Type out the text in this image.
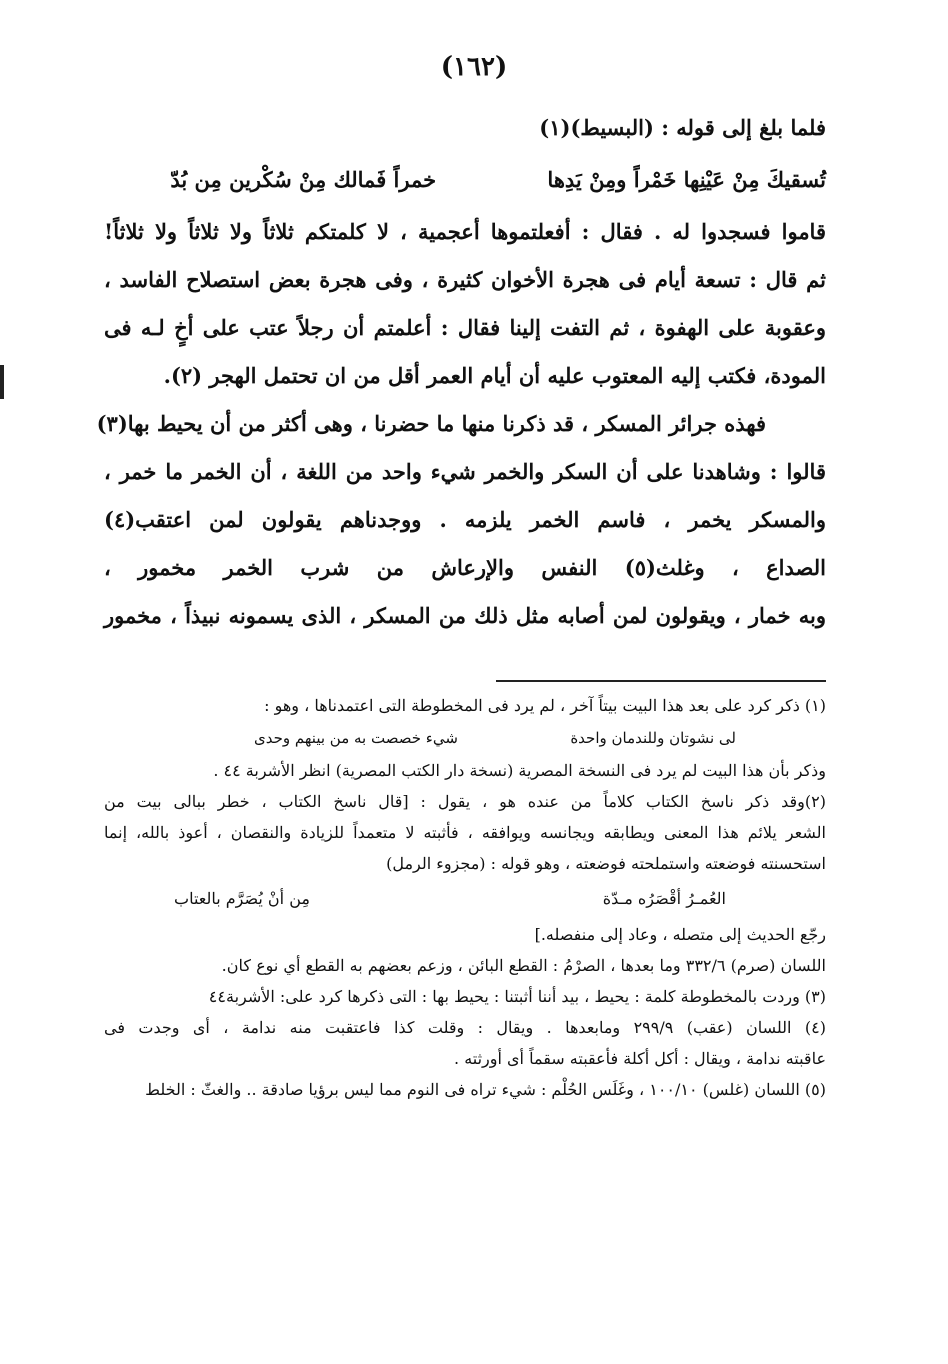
(١٦٢)
فلما بلغ إلى قوله : (البسيط)(١)
تُسقيكَ مِنْ عَيْنِها خَمْراً ومِنْ يَدِها
خمراً فَمالك مِنْ سُكْرين مِن بُدّ
قاموا فسجدوا له . فقال : أفعلتموها أعجمية ، لا كلمتكم ثلاثاً ولا ثلاثاً ولا ثلاثاً!
ثم قال : تسعة أيام فى هجرة الأخوان كثيرة ، وفى هجرة بعض استصلاح الفاسد ،
وعقوبة على الهفوة ، ثم التفت إلينا فقال : أعلمتم أن رجلاً عتب على أخٍ لـه فى
المودة، فكتب إليه المعتوب عليه أن أيام العمر أقل من ان تحتمل الهجر (٢).
فهذه جرائر المسكر ، قد ذكرنا منها ما حضرنا ، وهى أكثر من أن يحيط بها(٣)
قالوا : وشاهدنا على أن السكر والخمر شيء واحد من اللغة ، أن الخمر ما خمر ،
والمسكر يخمر ، فاسم الخمر يلزمه . ووجدناهم يقولون لمن اعتقب(٤)
الصداع ، وغلث(٥) النفس والإرعاش من شرب الخمر مخمور ،
وبه خمار ، ويقولون لمن أصابه مثل ذلك من المسكر ، الذى يسمونه نبيذاً ، مخمور
(١) ذكر كرد على بعد هذا البيت بيتاً آخر ، لم يرد فى المخطوطة التى اعتمدناها ، وهو :
لى نشوتان وللندمان واحدة
شيء خصصت به من بينهم وحدى
وذكر بأن هذا البيت لم يرد فى النسخة المصرية (نسخة دار الكتب المصرية) انظر الأشربة ٤٤ .
(٢)وقد ذكر ناسخ الكتاب كلاماً من عنده هو ، يقول : [قال ناسخ الكتاب ، خطر ببالى بيت من
الشعر يلائم هذا المعنى ويطابقه ويجانسه ويوافقه ، فأثبته لا متعمداً للزيادة والنقصان ، أعوذ بالله، إنما
استحسنته فوضعته واستملحته فوضعته ، وهو قوله : (مجزوء الرمل)
العُمـرُ أقْصَرُه مـدّة
مِن أنْ يُصَرَّم بالعتاب
رجّع الحديث إلى متصله ، وعاد إلى منفصله.]
اللسان (صرم) ٣٣٢/٦ وما بعدها ، الصرْمُ : القطع البائن ، وزعم بعضهم به القطع أي نوع كان.
(٣) وردت بالمخطوطة كلمة : يحيط ، بيد أننا أثبتنا : يحيط بها : التى ذكرها كرد على: الأشربة٤٤
(٤) اللسان (عقب) ٢٩٩/٩ ومابعدها . ويقال : وقلت كذا فاعتقبت منه ندامة ، أى وجدت فى
عاقبته ندامة ، ويقال : أكل أكلة فأعقبته سقماً أى أورثته .
(٥) اللسان (غلس) ١٠٠/١٠ ، وغَلَس الحُلْم : شيء تراه فى النوم مما ليس برؤيا صادقة .. والغثّ : الخلط
